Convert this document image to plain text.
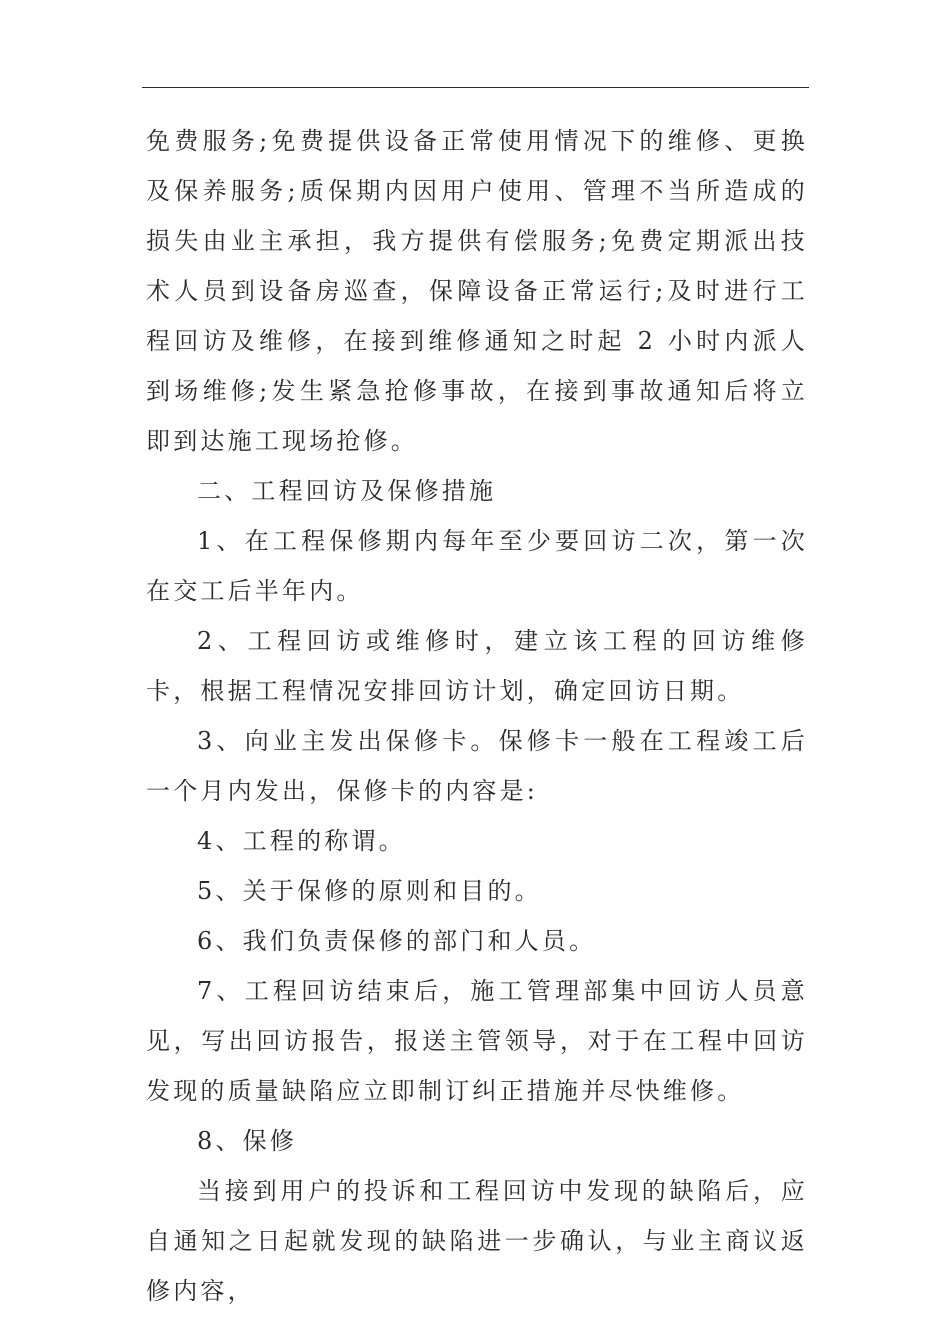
免费服务;免费提供设备正常使用情况下的维修、更换及保养服务;质保期内因用户使用、管理不当所造成的损失由业主承担，我方提供有偿服务;免费定期派出技术人员到设备房巡查，保障设备正常运行;及时进行工程回访及维修，在接到维修通知之时起 2 小时内派人到场维修;发生紧急抢修事故，在接到事故通知后将立即到达施工现场抢修。

二、工程回访及保修措施

1、在工程保修期内每年至少要回访二次，第一次在交工后半年内。

2、工程回访或维修时，建立该工程的回访维修卡，根据工程情况安排回访计划，确定回访日期。

3、向业主发出保修卡。保修卡一般在工程竣工后一个月内发出，保修卡的内容是:

4、工程的称谓。

5、关于保修的原则和目的。

6、我们负责保修的部门和人员。

7、工程回访结束后，施工管理部集中回访人员意见，写出回访报告，报送主管领导，对于在工程中回访发现的质量缺陷应立即制订纠正措施并尽快维修。

8、保修

当接到用户的投诉和工程回访中发现的缺陷后，应自通知之日起就发现的缺陷进一步确认，与业主商议返修内容，
